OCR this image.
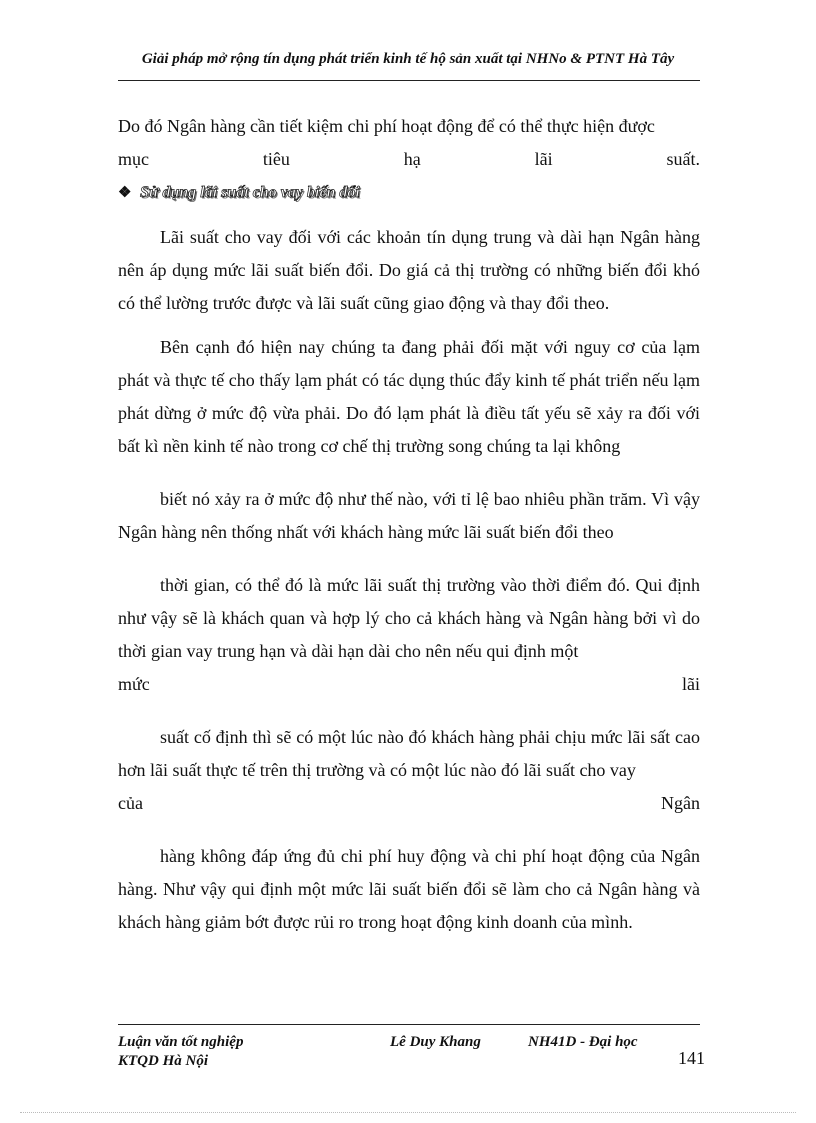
Giải pháp mở rộng tín dụng phát triển kinh tế hộ sản xuất tại NHNo & PTNT Hà Tây

Do đó Ngân hàng cần tiết kiệm chi phí hoạt động để có thể thực hiện được

mục	tiêu	hạ	lãi	suất.
❖ Sử dụng lãi suất cho vay biến đổi

Lãi suất cho vay đối với các khoản tín dụng trung và dài hạn Ngân hàng nên áp dụng mức lãi suất biến đổi. Do giá cả thị trường có những biến đổi khó có thể lường trước được và lãi suất cũng giao động và thay đổi theo.

Bên cạnh đó hiện nay chúng ta đang phải đối mặt với nguy cơ của lạm phát và thực tế cho thấy lạm phát có tác dụng thúc đẩy kinh tế phát triển nếu lạm phát dừng ở mức độ vừa phải. Do đó lạm phát là điều tất yếu sẽ xảy ra đối với bất kì nền kinh tế nào trong cơ chế thị trường song chúng ta lại không

biết nó xảy ra ở mức độ như thế nào, với tỉ lệ bao nhiêu phần trăm. Vì vậy Ngân hàng nên thống nhất với khách hàng mức lãi suất biến đổi theo

thời gian, có thể đó là mức lãi suất thị trường vào thời điểm đó. Qui định như vậy sẽ là khách quan và hợp lý cho cả khách hàng và Ngân hàng bởi vì do thời gian vay trung hạn và dài hạn dài cho nên nếu qui định một

mức	lãi

suất cố định thì sẽ có một lúc nào đó khách hàng phải chịu mức lãi sất cao hơn lãi suất thực tế trên thị trường và có một lúc nào đó lãi suất cho vay

của	Ngân

hàng không đáp ứng đủ chi phí huy động và chi phí hoạt động của Ngân hàng. Như vậy qui định một mức lãi suất biến đổi sẽ làm cho cả Ngân hàng và khách hàng giảm bớt được rủi ro trong hoạt động kinh doanh của mình.

Luận văn tốt nghiệp
KTQD Hà Nội
Lê Duy Khang	NH41D - Đại học
141
